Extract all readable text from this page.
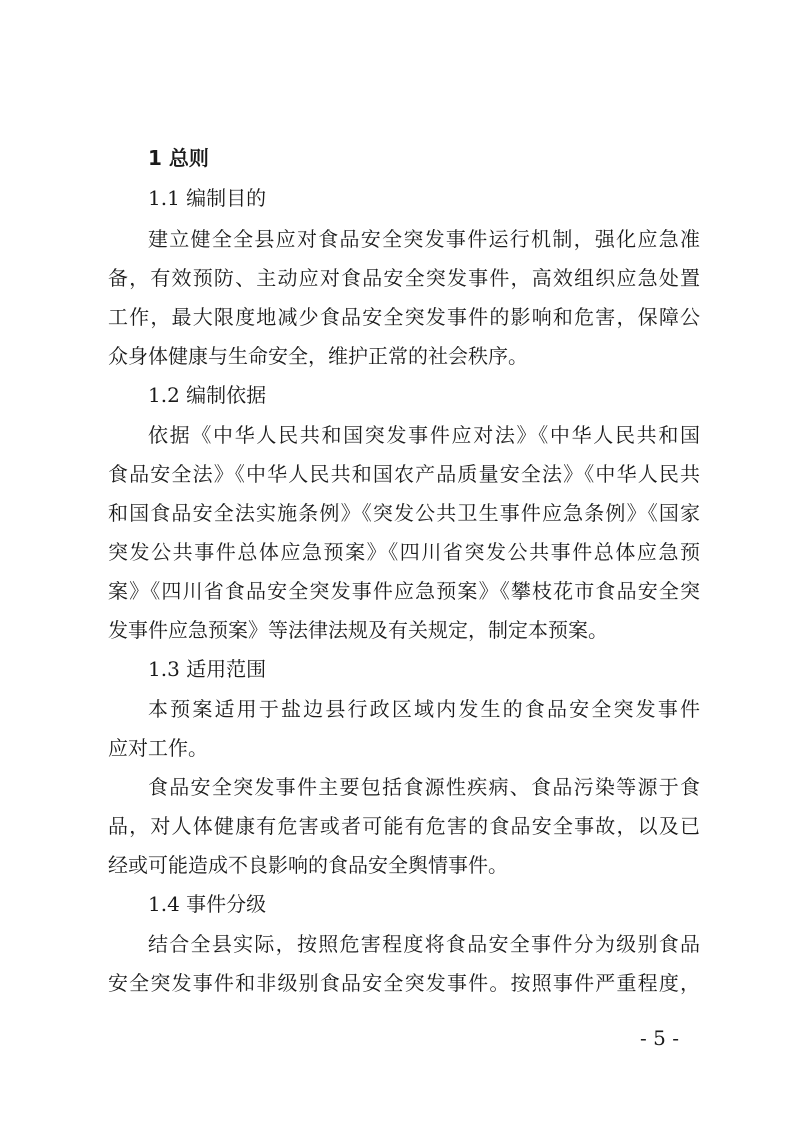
1 总则
1.1 编制目的
建立健全全县应对食品安全突发事件运行机制，强化应急准
备，有效预防、主动应对食品安全突发事件，高效组织应急处置
工作，最大限度地减少食品安全突发事件的影响和危害，保障公
众身体健康与生命安全，维护正常的社会秩序。
1.2 编制依据
依据《中华人民共和国突发事件应对法》《中华人民共和国
食品安全法》《中华人民共和国农产品质量安全法》《中华人民共
和国食品安全法实施条例》《突发公共卫生事件应急条例》《国家
突发公共事件总体应急预案》《四川省突发公共事件总体应急预
案》《四川省食品安全突发事件应急预案》《攀枝花市食品安全突
发事件应急预案》等法律法规及有关规定，制定本预案。
1.3 适用范围
本预案适用于盐边县行政区域内发生的食品安全突发事件
应对工作。
食品安全突发事件主要包括食源性疾病、食品污染等源于食
品，对人体健康有危害或者可能有危害的食品安全事故，以及已
经或可能造成不良影响的食品安全舆情事件。
1.4 事件分级
结合全县实际，按照危害程度将食品安全事件分为级别食品
安全突发事件和非级别食品安全突发事件。按照事件严重程度，
- 5 -
